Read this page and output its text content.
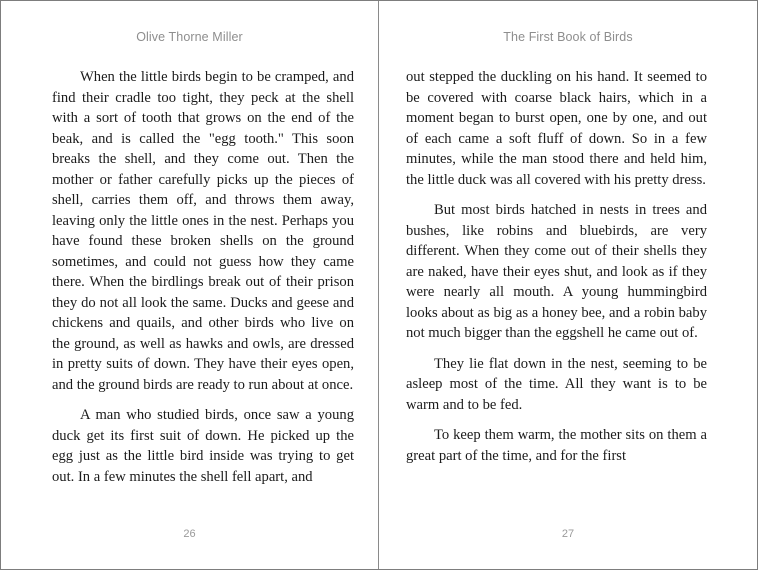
Olive Thorne Miller

When the little birds begin to be cramped, and find their cradle too tight, they peck at the shell with a sort of tooth that grows on the end of the beak, and is called the "egg tooth." This soon breaks the shell, and they come out. Then the mother or father carefully picks up the pieces of shell, carries them off, and throws them away, leaving only the little ones in the nest. Perhaps you have found these broken shells on the ground sometimes, and could not guess how they came there. When the birdlings break out of their prison they do not all look the same. Ducks and geese and chickens and quails, and other birds who live on the ground, as well as hawks and owls, are dressed in pretty suits of down. They have their eyes open, and the ground birds are ready to run about at once.

A man who studied birds, once saw a young duck get its first suit of down. He picked up the egg just as the little bird inside was trying to get out. In a few minutes the shell fell apart, and

26
The First Book of Birds

out stepped the duckling on his hand. It seemed to be covered with coarse black hairs, which in a moment began to burst open, one by one, and out of each came a soft fluff of down. So in a few minutes, while the man stood there and held him, the little duck was all covered with his pretty dress.

But most birds hatched in nests in trees and bushes, like robins and bluebirds, are very different. When they come out of their shells they are naked, have their eyes shut, and look as if they were nearly all mouth. A young hummingbird looks about as big as a honey bee, and a robin baby not much bigger than the eggshell he came out of.

They lie flat down in the nest, seeming to be asleep most of the time. All they want is to be warm and to be fed.

To keep them warm, the mother sits on them a great part of the time, and for the first

27
